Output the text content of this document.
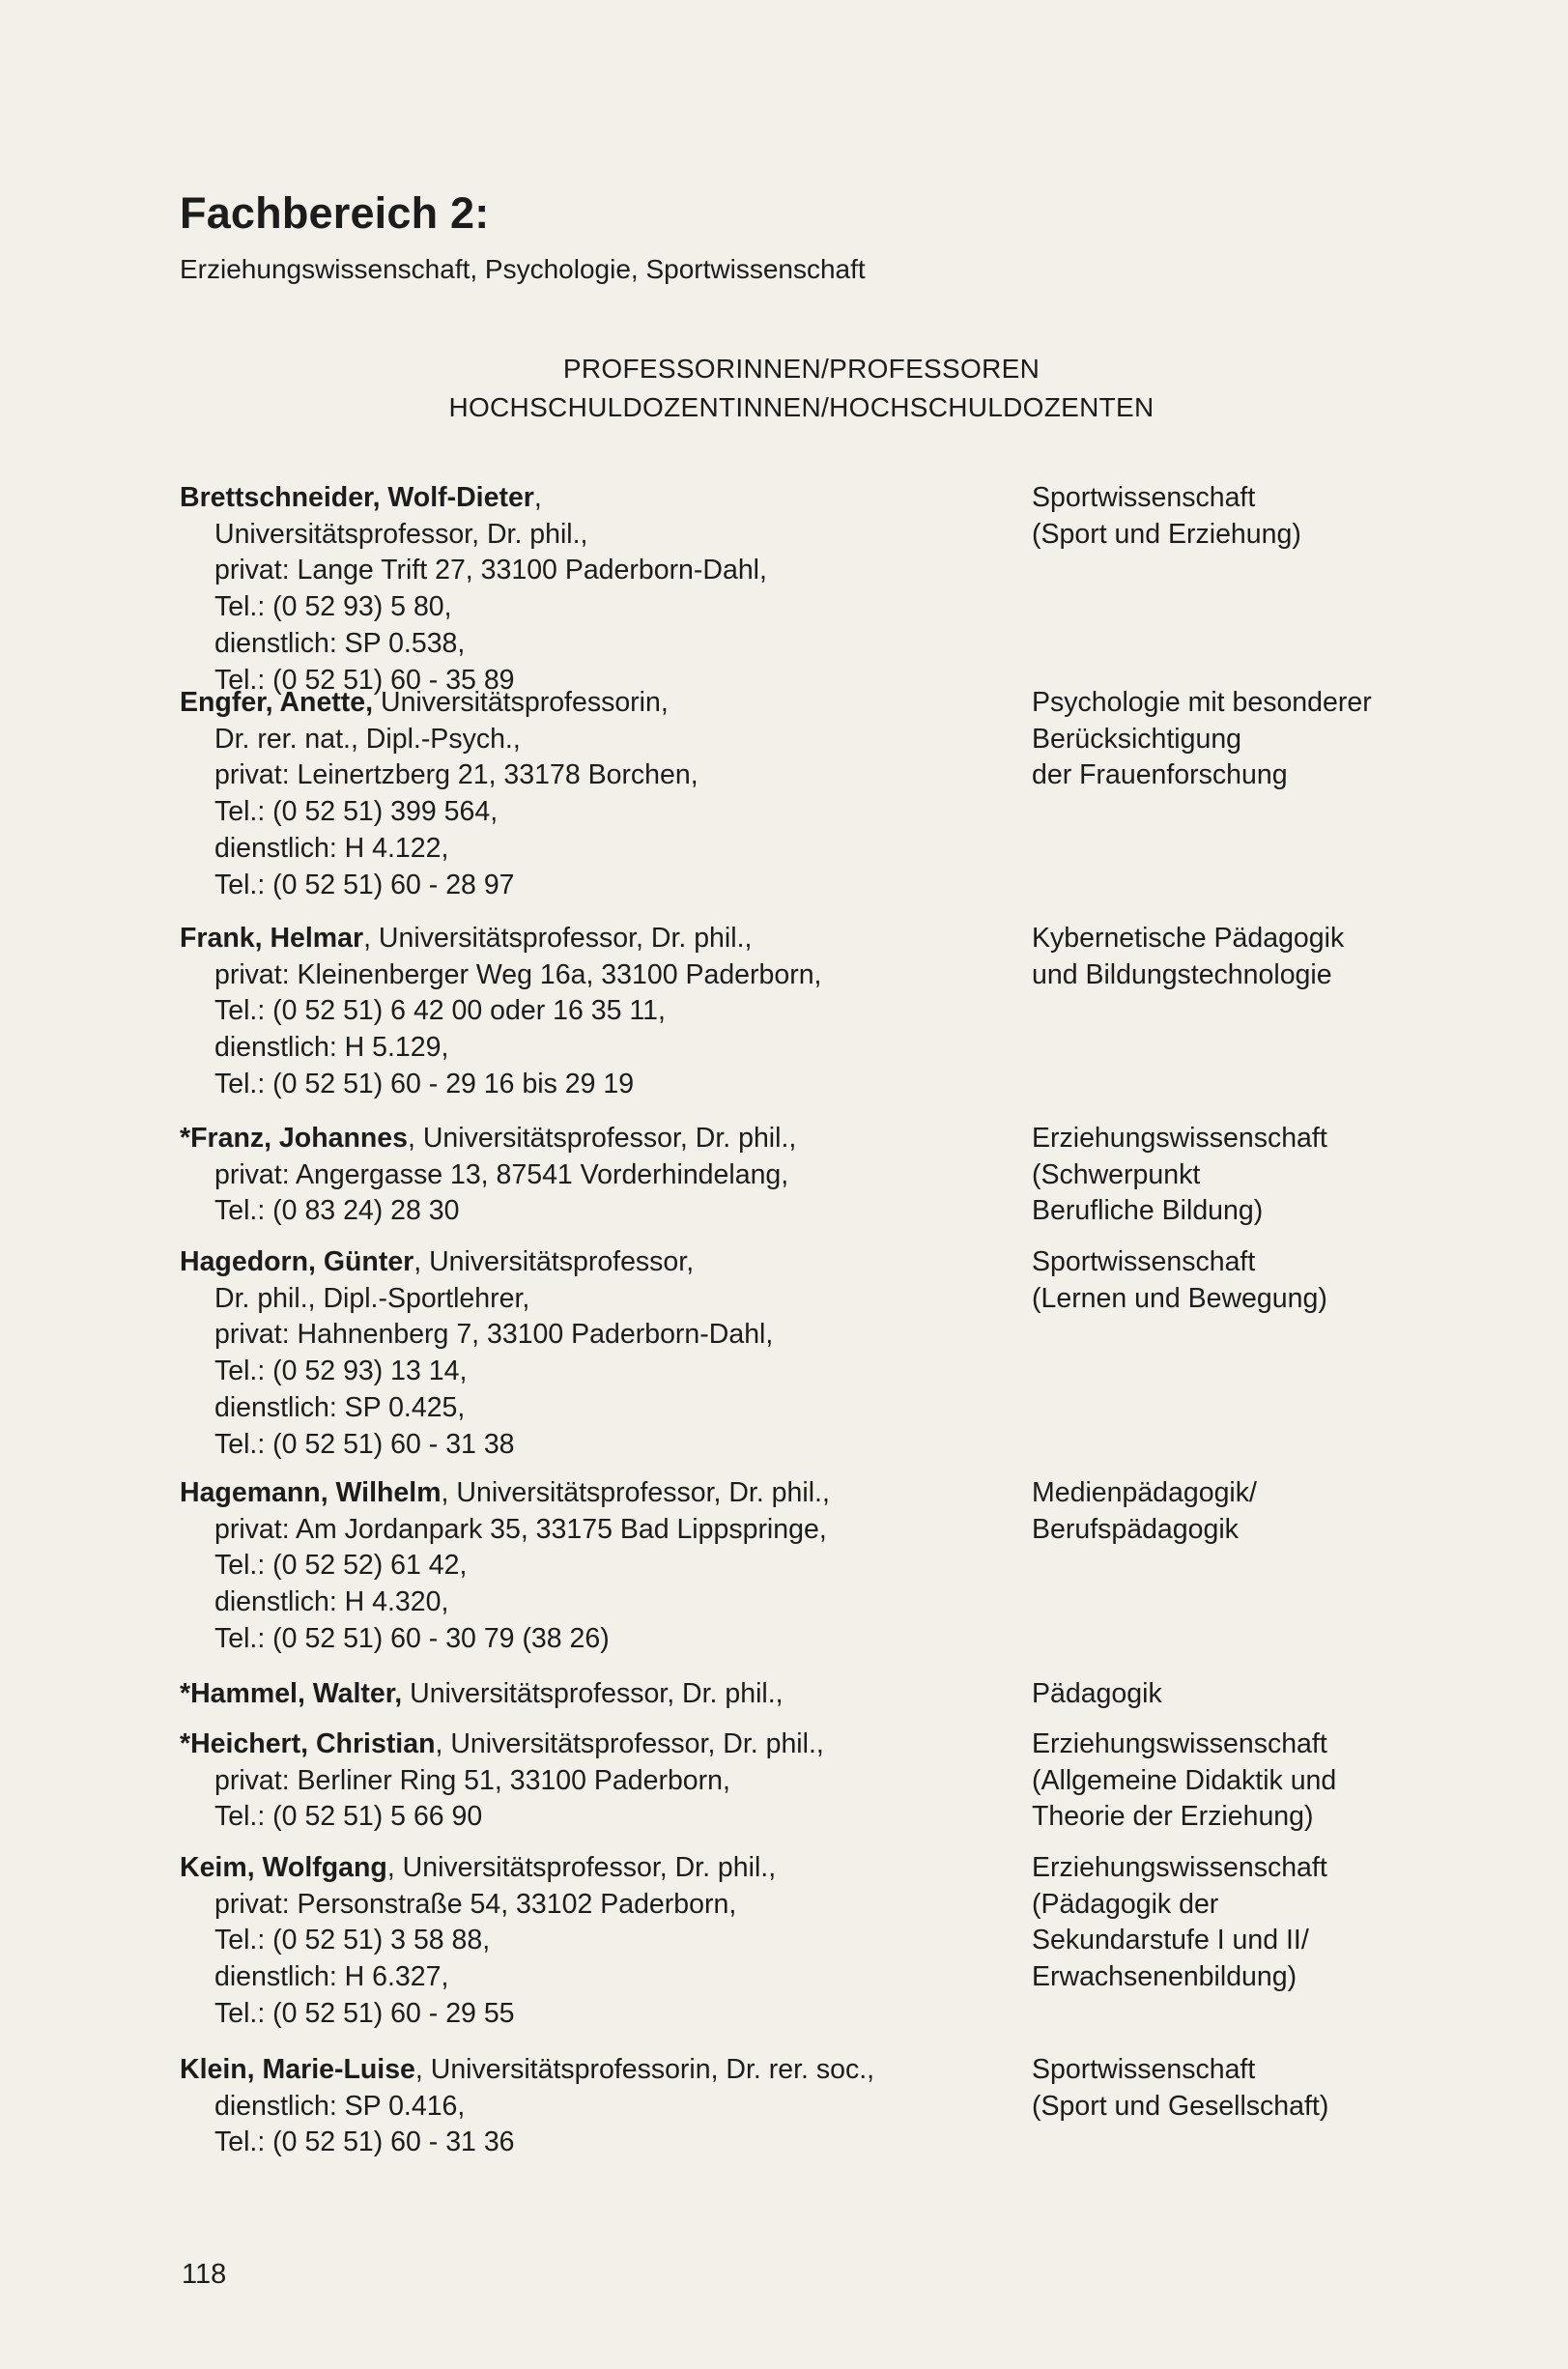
Fachbereich 2:
Erziehungswissenschaft, Psychologie, Sportwissenschaft
PROFESSORINNEN/PROFESSOREN
HOCHSCHULDOZENTINNEN/HOCHSCHULDOZENTEN
Brettschneider, Wolf-Dieter,
Universitätsprofessor, Dr. phil.,
privat: Lange Trift 27, 33100 Paderborn-Dahl,
Tel.: (0 52 93) 5 80,
dienstlich: SP 0.538,
Tel.: (0 52 51) 60 - 35 89
Sportwissenschaft
(Sport und Erziehung)
Engfer, Anette, Universitätsprofessorin,
Dr. rer. nat., Dipl.-Psych.,
privat: Leinertzberg 21, 33178 Borchen,
Tel.: (0 52 51) 399 564,
dienstlich: H 4.122,
Tel.: (0 52 51) 60 - 28 97
Psychologie mit besonderer
Berücksichtigung
der Frauenforschung
Frank, Helmar, Universitätsprofessor, Dr. phil.,
privat: Kleinenberger Weg 16a, 33100 Paderborn,
Tel.: (0 52 51) 6 42 00 oder 16 35 11,
dienstlich: H 5.129,
Tel.: (0 52 51) 60 - 29 16 bis 29 19
Kybernetische Pädagogik
und Bildungstechnologie
*Franz, Johannes, Universitätsprofessor, Dr. phil.,
privat: Angergasse 13, 87541 Vorderhindelang,
Tel.: (0 83 24) 28 30
Erziehungswissenschaft
(Schwerpunkt
Berufliche Bildung)
Hagedorn, Günter, Universitätsprofessor,
Dr. phil., Dipl.-Sportlehrer,
privat: Hahnenberg 7, 33100 Paderborn-Dahl,
Tel.: (0 52 93) 13 14,
dienstlich: SP 0.425,
Tel.: (0 52 51) 60 - 31 38
Sportwissenschaft
(Lernen und Bewegung)
Hagemann, Wilhelm, Universitätsprofessor, Dr. phil.,
privat: Am Jordanpark 35, 33175 Bad Lippspringe,
Tel.: (0 52 52) 61 42,
dienstlich: H 4.320,
Tel.: (0 52 51) 60 - 30 79 (38 26)
Medienpädagogik/
Berufspädagogik
*Hammel, Walter, Universitätsprofessor, Dr. phil.,	Pädagogik
*Heichert, Christian, Universitätsprofessor, Dr. phil.,
privat: Berliner Ring 51, 33100 Paderborn,
Tel.: (0 52 51) 5 66 90
Erziehungswissenschaft
(Allgemeine Didaktik und
Theorie der Erziehung)
Keim, Wolfgang, Universitätsprofessor, Dr. phil.,
privat: Personstraße 54, 33102 Paderborn,
Tel.: (0 52 51) 3 58 88,
dienstlich: H 6.327,
Tel.: (0 52 51) 60 - 29 55
Erziehungswissenschaft
(Pädagogik der
Sekundarstufe I und II/
Erwachsenenbildung)
Klein, Marie-Luise, Universitätsprofessorin, Dr. rer. soc.,
dienstlich: SP 0.416,
Tel.: (0 52 51) 60 - 31 36
Sportwissenschaft
(Sport und Gesellschaft)
118
